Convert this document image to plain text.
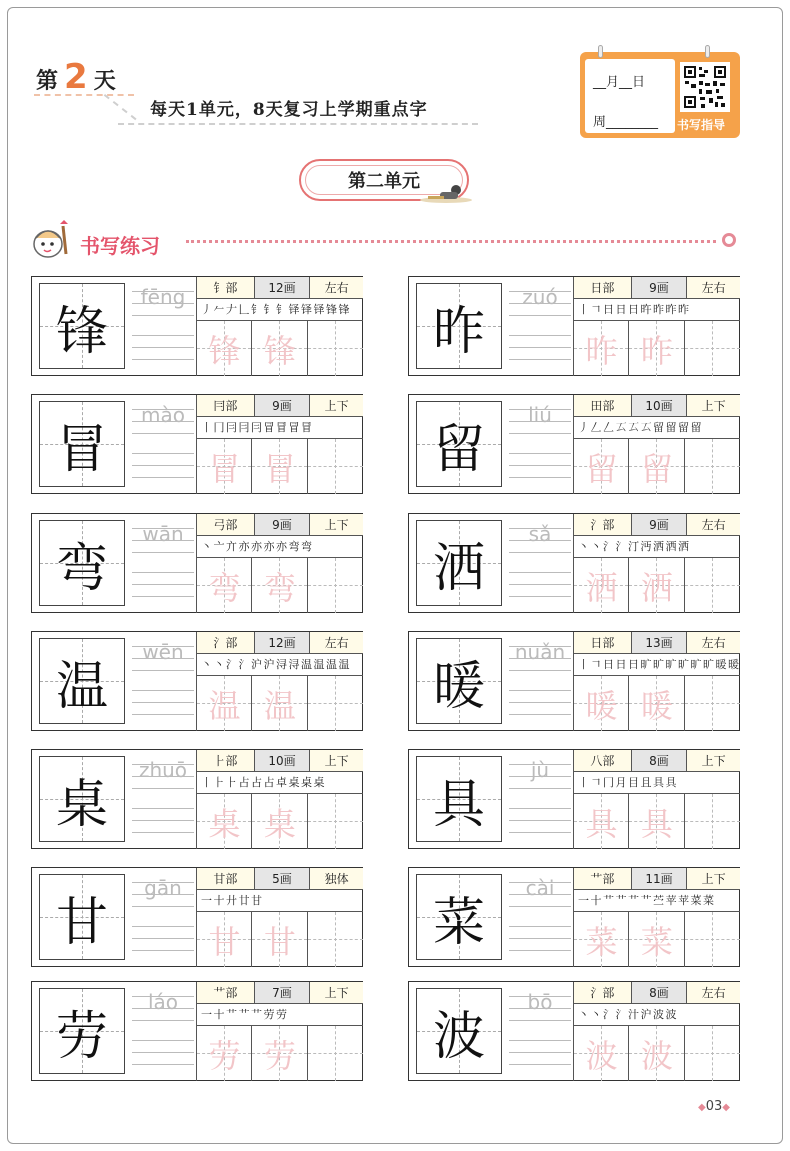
第 2 天
每天1单元，8天复习上学期重点字
__月__日
周________ 书写指导
第二单元
书写练习
锋
fēng	钅部	12画	左右
丿 𠂉 𠂇 𠃊 钅 钅 钅 铎 铎 铎 锋 锋
锋 锋	昨
zuó	日部	9画	左右
丨 𠃍 日 日 日 旿 昨 昨 昨
昨 昨
冒
mào	冃部	9画	上下
丨 冂 冃 冃 冃 冒 冒 冒 冒
冒 冒	留
liú	田部	10画	上下
丿 𠃋 𠃋 𠫔 𠫔 𠫔 留 留 留 留
留 留
弯
wān	弓部	9画	上下
丶 亠 亣 亦 亦 亦 亦 弯 弯
弯 弯	洒
sǎ	氵部	9画	左右
丶 丶 氵 氵 汀 沔 洒 洒 洒
洒 洒
温
wēn	氵部	12画	左右
丶 丶 氵 氵 沪 沪 浔 浔 温 温 温 温
温 温	暖
nuǎn	日部	13画	左右
丨 𠃍 日 日 日 旷 旷 旷 旷 旷 旷 暖 暖
暖 暖
桌
zhuō	⺊部	10画	上下
丨 ⺊ ⺊ 占 占 占 卓 桌 桌 桌
桌 桌	具
jù	八部	8画	上下
丨 𠃍 冂 月 目 且 具 具
具 具
甘
gān	甘部	5画	独体
一 十 廾 廿 甘
甘 甘	菜
cài	艹部	11画	上下
一 十 艹 艹 艹 艹 苎 苹 苹 菜 菜
菜 菜
劳
láo	艹部	7画	上下
一 十 艹 艹 艹 劳 劳
劳 劳	波
bō	氵部	8画	左右
丶 丶 氵 氵 汁 沪 波 波
波 波
◆03◆
